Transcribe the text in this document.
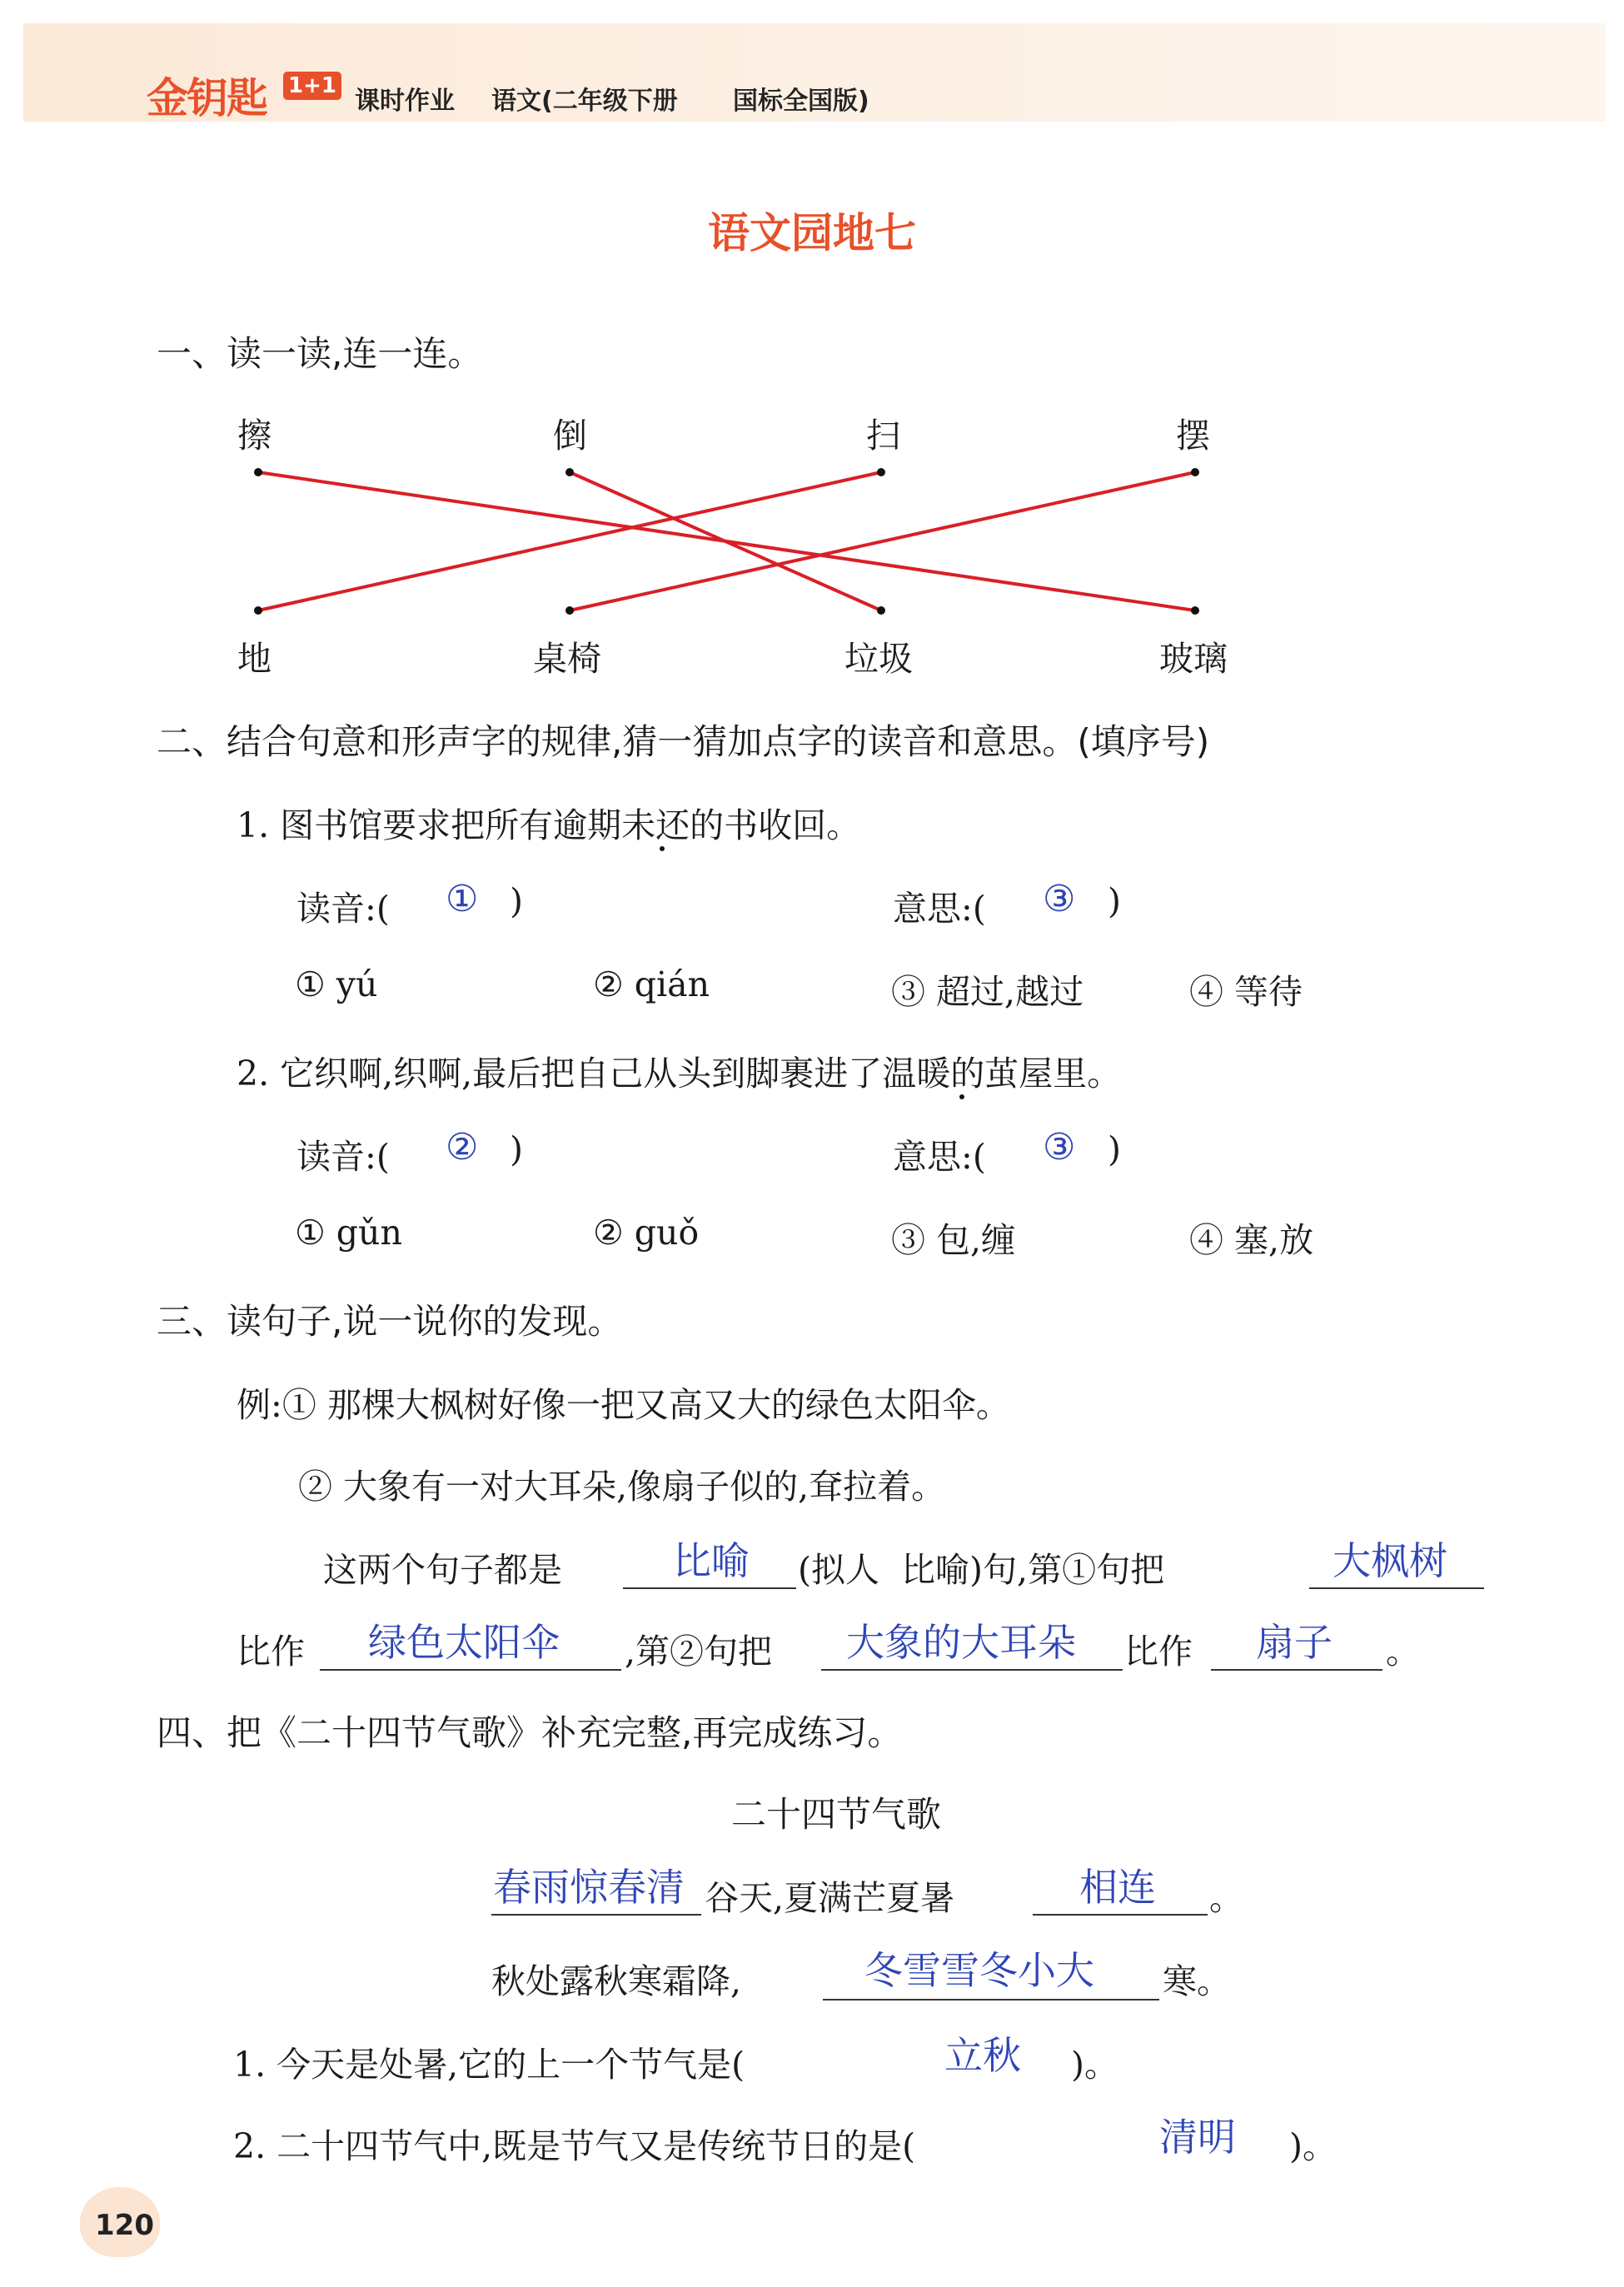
金钥匙 1+1
课时作业 语文(二年级下册 国标全国版)
语文园地七
一、读一读,连一连。
擦	倒	扫	摆
地	桌椅	垃圾	玻璃
二、结合句意和形声字的规律,猜一猜加点字的读音和意思。(填序号)
1. 图书馆要求把所有逾期未还的书收回。
读音:( ① )	意思:( ③ )
① yú	② qián	③ 超过,越过	④ 等待
2. 它织啊,织啊,最后把自己从头到脚裹进了温暖的茧屋里。
读音:( ② )	意思:( ③ )
① gǔn	② guǒ	③ 包,缠	④ 塞,放
三、读句子,说一说你的发现。
例:① 那棵大枫树好像一把又高又大的绿色太阳伞。
② 大象有一对大耳朵,像扇子似的,耷拉着。
这两个句子都是	比喻 (拟人  比喻)句,第①句把	大枫树
比作 绿色太阳伞 ,第②句把 大象的大耳朵 比作 扇子 。
四、把《二十四节气歌》补充完整,再完成练习。
二十四节气歌
春雨惊春清 谷天,夏满芒夏暑	相连 。
秋处露秋寒霜降,	冬雪雪冬小大 寒。
1. 今天是处暑,它的上一个节气是(	立秋 )。
2. 二十四节气中,既是节气又是传统节日的是(	清明 )。
120
